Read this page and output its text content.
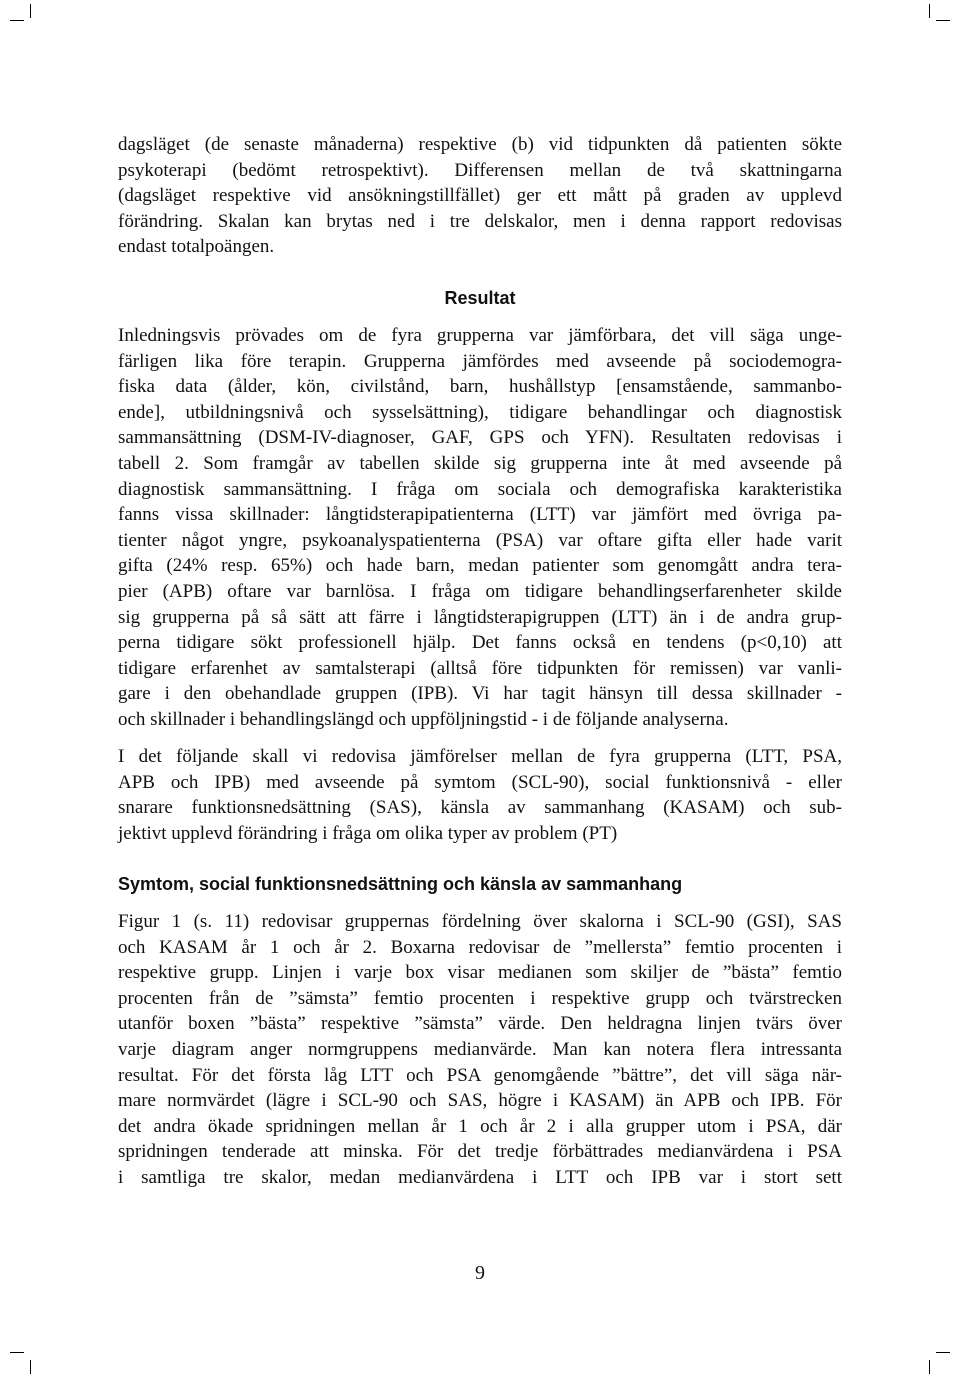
dagsläget (de senaste månaderna) respektive (b) vid tidpunkten då patienten sökte
psykoterapi (bedömt retrospektivt). Differensen mellan de två skattningarna
(dagsläget respektive vid ansökningstillfället) ger ett mått på graden av upplevd
förändring. Skalan kan brytas ned i tre delskalor, men i denna rapport redovisas
endast totalpoängen.
Resultat
Inledningsvis prövades om de fyra grupperna var jämförbara, det vill säga unge-
färligen lika före terapin. Grupperna jämfördes med avseende på sociodemogra-
fiska data (ålder, kön, civilstånd, barn, hushållstyp [ensamstående, sammanbo-
ende], utbildningsnivå och sysselsättning), tidigare behandlingar och diagnostisk
sammansättning (DSM-IV-diagnoser, GAF, GPS och YFN). Resultaten redovisas i
tabell 2. Som framgår av tabellen skilde sig grupperna inte åt med avseende på
diagnostisk sammansättning. I fråga om sociala och demografiska karakteristika
fanns vissa skillnader: långtidsterapipatienterna (LTT) var jämfört med övriga pa-
tienter något yngre, psykoanalyspatienterna (PSA) var oftare gifta eller hade varit
gifta (24% resp. 65%) och hade barn, medan patienter som genomgått andra tera-
pier (APB) oftare var barnlösa. I fråga om tidigare behandlingserfarenheter skilde
sig grupperna på så sätt att färre i långtidsterapigruppen (LTT) än i de andra grup-
perna tidigare sökt professionell hjälp. Det fanns också en tendens (p<0,10) att
tidigare erfarenhet av samtalsterapi (alltså före tidpunkten för remissen) var vanli-
gare i den obehandlade gruppen (IPB). Vi har tagit hänsyn till dessa skillnader -
och skillnader i behandlingslängd och uppföljningstid - i de följande analyserna.
I det följande skall vi redovisa jämförelser mellan de fyra grupperna (LTT, PSA,
APB och IPB) med avseende på symtom (SCL-90), social funktionsnivå - eller
snarare funktionsnedsättning (SAS), känsla av sammanhang (KASAM) och sub-
jektivt upplevd förändring i fråga om olika typer av problem (PT)
Symtom, social funktionsnedsättning och känsla av sammanhang
Figur 1 (s. 11) redovisar gruppernas fördelning över skalorna i SCL-90 (GSI), SAS
och KASAM år 1 och år 2. Boxarna redovisar de ”mellersta” femtio procenten i
respektive grupp. Linjen i varje box visar medianen som skiljer de ”bästa” femtio
procenten från de ”sämsta” femtio procenten i respektive grupp och tvärstrecken
utanför boxen ”bästa” respektive ”sämsta” värde. Den heldragna linjen tvärs över
varje diagram anger normgruppens medianvärde. Man kan notera flera intressanta
resultat. För det första låg LTT och PSA genomgående ”bättre”, det vill säga när-
mare normvärdet (lägre i SCL-90 och SAS, högre i KASAM) än APB och IPB. För
det andra ökade spridningen mellan år 1 och år 2 i alla grupper utom i PSA, där
spridningen tenderade att minska. För det tredje förbättrades medianvärdena i PSA
i samtliga tre skalor, medan medianvärdena i LTT och IPB var i stort sett
9
